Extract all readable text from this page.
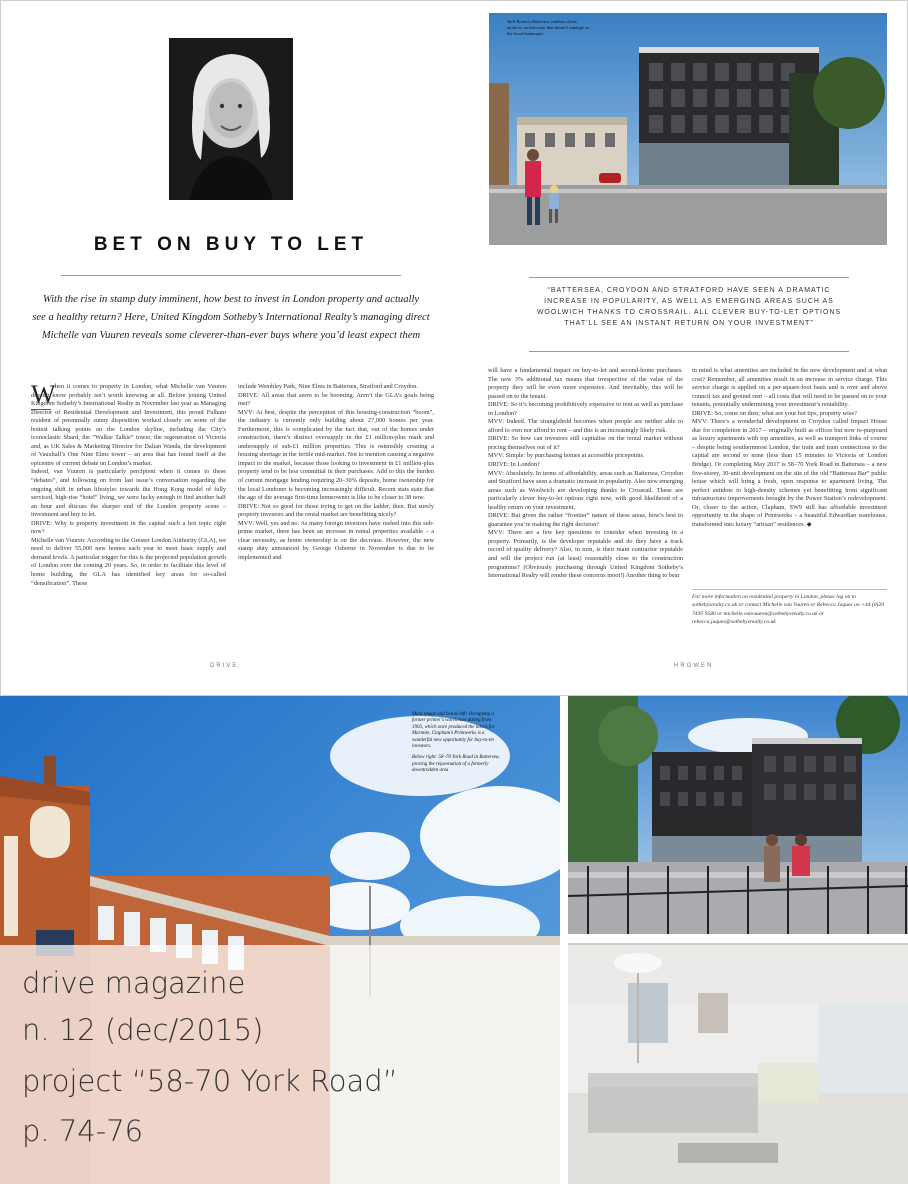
BET ON BUY TO LET
With the rise in stamp duty imminent, how best to invest in London property and actually
see a healthy return? Here, United Kingdom Sotheby’s International Realty’s managing direct
Michelle van Vuuren reveals some cleverer-than-ever buys where you’d least expect them
W hen it comes to property in London, what Michelle van Vuuren doesn’t know probably isn’t worth knowing at all. Before joining United Kingdom Sotheby’s International Realty in November last year as Managing Director of Residential Development and Investment, this proud Fulham resident of perennially sunny disposition worked closely on some of the hottest talking points on the London skyline, including the City’s iconoclastic Shard, the “Walkie Talkie” tower, the regeneration of Victoria and, as UK Sales & Marketing Director for Dalian Wanda, the development of Vauxhall’s One Nine Elms tower – an area that has found itself at the epicentre of current debate on London’s market.
Indeed, van Vuuren is particularly percipient when it comes to these “debates”, and following on from last issue’s conversation regarding the ongoing shift in urban lifestyles towards the Hong Kong model of fully serviced, high-rise “hotel” living, we were lucky enough to find another half an hour and discuss the sharper end of the London property scene – investment and buy to let.
DRIVE: Why is property investment in the capital such a hot topic right now?
Michelle van Vuuren: According to the Greater London Authority (GLA), we need to deliver 55,000 new homes each year to meet basic supply and demand levels. A particular trigger for this is the projected population growth of London over the coming 20 years. So, in order to facilitate this level of home building, the GLA has identified key areas for so-called “densification”. These
include Wembley Park, Nine Elms in Battersea, Stratford and Croydon.
DRIVE: All areas that seem to be booming. Aren’t the GLA’s goals being met?
MVV: At best, despite the perception of this housing-construction “boom”, the industry is currently only building about 27,000 homes per year. Furthermore, this is complicated by the fact that, out of the homes under construction, there’s distinct oversupply in the £1 million-plus mark and undersupply of sub-£1 million properties. This is ostensibly creating a housing shortage in the fertile mid-market. Not to mention causing a negative impact to the market, because those looking to investment in £1 million-plus property tend to be less committal in their purchases. Add to this the burden of current mortgage lending requiring 20–30% deposits, home ownership for the local Londoner is becoming increasingly difficult. Recent stats state that the age of the average first-time homeowner is like to be closer to 38 now.
DRIVE: Not so good for those trying to get on the ladder, then. But surely property investors and the rental market are benefitting nicely?
MVV: Well, yes and no. As many foreign investors have rushed into this sub-prime market, there has been an increase in rental properties available – a clear necessity, as home ownership is on the decrease. However, the new stamp duty announced by George Osborne in November is due to be implemented and
will have a fundamental impact on buy-to-let and second-home purchases. The new 3% additional tax means that irrespective of the value of the property they will be even more expensive. And inevitably, this will be passed on to the tenant.
DRIVE: So it’s becoming prohibitively expensive to rent as well as purchase in London?
MVV: Indeed. The stranglehold becomes when people are neither able to afford to own nor afford to rent – and this is an increasingly likely risk.
DRIVE: So how can investors still capitalise on the rental market without pricing themselves out of it?
MVV: Simple: by purchasing homes at accessible pricepoints.
DRIVE: In London?
MVV: Absolutely. In terms of affordability, areas such as Battersea, Croydon and Stratford have seen a dramatic increase in popularity. Also new emerging areas such as Woolwich are developing thanks to Crossrail. These are particularly clever buy-to-let options right now, with good likelihood of a healthy return on your investment.
DRIVE: But given the rather “frontier” nature of these areas, how’s best to guarantee you’re making the right decision?
MVV: There are a few key questions to consider when investing in a property. Primarily, is the developer reputable and do they have a track record of quality delivery? Also, in turn, is their main contractor reputable and will the project run (at least) reasonably close to the construction programme? (Obviously purchasing through United Kingdom Sotheby’s International Realty will render these concerns moot!) Another thing to bear
in mind is what amenities are included in the new development and at what cost? Remember, all amenities result in an increase in service charge. This service charge is applied on a per-square-foot basis and is over and above council tax and ground rent – all costs that will need to be passed on to your tenants, potentially undermining your investment’s rentability.
DRIVE: So, come on then; what are your hot tips, property wise?
MVV: There’s a wonderful development in Croydon called Impact House due for completion in 2017 – originally built as offices but now re-purposed as luxury apartments with top amenities, as well as transport links of course – despite being southernmost London, the train and tram connections to the capital are second to none (less than 15 minutes to Victoria or London Bridge). Or completing May 2017 is 58–70 York Road in Battersea – a new five-storey, 30-unit development on the site of the old “Battersea Bar” public house which will bring a fresh, open response to apartment living. The perfect antidote to high-density schemes yet benefitting from significant infrastructure improvements brought by the Power Station’s redevelopment. Or, closer to the action, Clapham, SW9 still has affordable investment opportunity in the shape of Printwerks – a beautiful Edwardian warehouse, transformed into luxury “artisan” residences. ◆
For more information on residential property in London, please log on to sothebysrealty.co.uk or contact Michelle van Vuuren or Rebecca Jaques on +44 (0)20 7495 9580 or michelle.vanvuuren@sothebysrealty.co.uk or rebecca.jaques@sothebysrealty.co.uk
York Road in Battersea exhibits clean, modern, architecture that doesn’t impinge on the local landscape.
“BATTERSEA, CROYDON AND STRATFORD HAVE SEEN A DRAMATIC INCREASE IN POPULARITY, AS WELL AS EMERGING AREAS SUCH AS WOOLWICH THANKS TO CROSSRAIL. ALL CLEVER BUY-TO-LET OPTIONS THAT’LL SEE AN INSTANT RETURN ON YOUR INVESTMENT”
DRIVE	HROWEN
Main image and below left: Occupying a former printer’s warehouse dating from 1903, which once produced the labels for Marmite, Clapham’s Printwerks is a wonderful new opportunity for buy-to-let investors.
Below right: 58–70 York Road in Battersea, proving the rejuvenation of a formerly downtrodden area
drive magazine
n. 12 (dec/2015)
project “58-70 York Road”
p. 74-76
